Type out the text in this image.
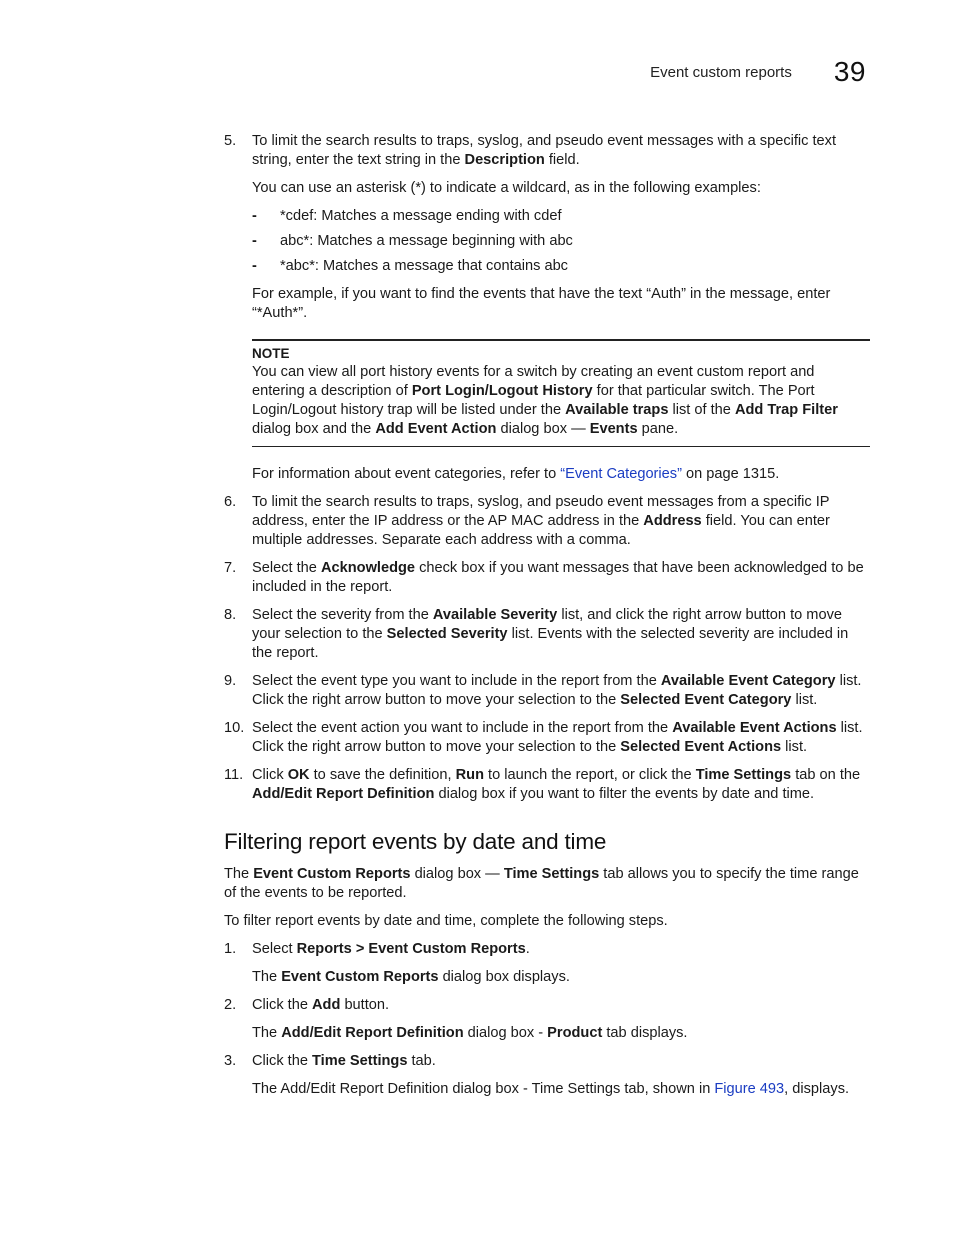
Event custom reports 39
5. To limit the search results to traps, syslog, and pseudo event messages with a specific text string, enter the text string in the Description field.
You can use an asterisk (*) to indicate a wildcard, as in the following examples:
- *cdef: Matches a message ending with cdef
- abc*: Matches a message beginning with abc
- *abc*: Matches a message that contains abc
For example, if you want to find the events that have the text “Auth” in the message, enter “*Auth*”.
NOTE
You can view all port history events for a switch by creating an event custom report and entering a description of Port Login/Logout History for that particular switch. The Port Login/Logout history trap will be listed under the Available traps list of the Add Trap Filter dialog box and the Add Event Action dialog box — Events pane.
For information about event categories, refer to “Event Categories” on page 1315.
6. To limit the search results to traps, syslog, and pseudo event messages from a specific IP address, enter the IP address or the AP MAC address in the Address field. You can enter multiple addresses. Separate each address with a comma.
7. Select the Acknowledge check box if you want messages that have been acknowledged to be included in the report.
8. Select the severity from the Available Severity list, and click the right arrow button to move your selection to the Selected Severity list. Events with the selected severity are included in the report.
9. Select the event type you want to include in the report from the Available Event Category list. Click the right arrow button to move your selection to the Selected Event Category list.
10. Select the event action you want to include in the report from the Available Event Actions list. Click the right arrow button to move your selection to the Selected Event Actions list.
11. Click OK to save the definition, Run to launch the report, or click the Time Settings tab on the Add/Edit Report Definition dialog box if you want to filter the events by date and time.
Filtering report events by date and time
The Event Custom Reports dialog box — Time Settings tab allows you to specify the time range of the events to be reported.
To filter report events by date and time, complete the following steps.
1. Select Reports > Event Custom Reports.
The Event Custom Reports dialog box displays.
2. Click the Add button.
The Add/Edit Report Definition dialog box - Product tab displays.
3. Click the Time Settings tab.
The Add/Edit Report Definition dialog box - Time Settings tab, shown in Figure 493, displays.
